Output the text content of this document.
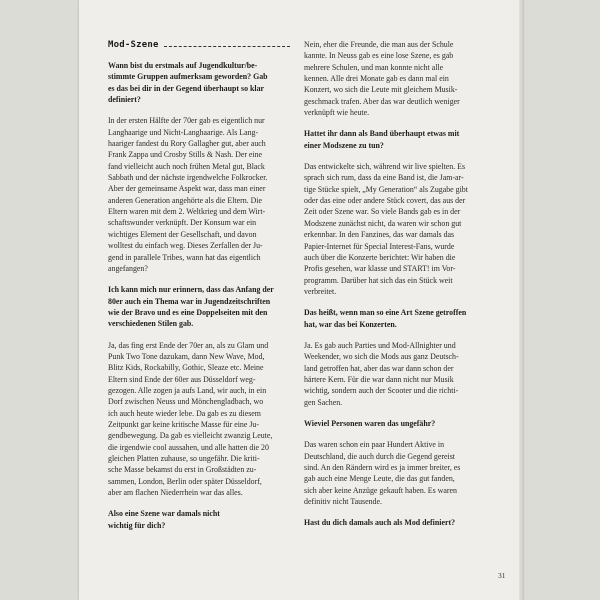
Mod-Szene

Wann bist du erstmals auf Jugendkultur/be-
stimmte Gruppen aufmerksam geworden? Gab
es das bei dir in der Gegend überhaupt so klar
definiert?

In der ersten Hälfte der 70er gab es eigentlich nur
Langhaarige und Nicht-Langhaarige. Als Lang-
haariger fandest du Rory Gallagher gut, aber auch
Frank Zappa und Crosby Stills & Nash. Der eine
fand vielleicht auch noch frühen Metal gut, Black
Sabbath und der nächste irgendwelche Folkrocker.
Aber der gemeinsame Aspekt war, dass man einer
anderen Generation angehörte als die Eltern. Die
Eltern waren mit dem 2. Weltkrieg und dem Wirt-
schaftswunder verknüpft. Der Konsum war ein
wichtiges Element der Gesellschaft, und davon
wolltest du einfach weg. Dieses Zerfallen der Ju-
gend in parallele Tribes, wann hat das eigentlich
angefangen?

Ich kann mich nur erinnern, dass das Anfang der
80er auch ein Thema war in Jugendzeitschriften
wie der Bravo und es eine Doppelseiten mit den
verschiedenen Stilen gab.

Ja, das fing erst Ende der 70er an, als zu Glam und
Punk Two Tone dazukam, dann New Wave, Mod,
Blitz Kids, Rockabilly, Gothic, Sleaze etc. Meine
Eltern sind Ende der 60er aus Düsseldorf weg-
gezogen. Alle zogen ja aufs Land, wir auch, in ein
Dorf zwischen Neuss und Mönchengladbach, wo
ich auch heute wieder lebe. Da gab es zu diesem
Zeitpunkt gar keine kritische Masse für eine Ju-
gendbewegung. Da gab es vielleicht zwanzig Leute,
die irgendwie cool aussahen, und alle hatten die 20
gleichen Platten zuhause, so ungefähr. Die kriti-
sche Masse bekamst du erst in Großstädten zu-
sammen, London, Berlin oder später Düsseldorf,
aber am flachen Niederrhein war das alles.

Also eine Szene war damals nicht
wichtig für dich?

Nein, eher die Freunde, die man aus der Schule
kannte. In Neuss gab es eine lose Szene, es gab
mehrere Schulen, und man konnte nicht alle
kennen. Alle drei Monate gab es dann mal ein
Konzert, wo sich die Leute mit gleichem Musik-
geschmack trafen. Aber das war deutlich weniger
verknüpft wie heute.

Hattet ihr dann als Band überhaupt etwas mit
einer Modszene zu tun?

Das entwickelte sich, während wir live spielten. Es
sprach sich rum, dass da eine Band ist, die Jam-ar-
tige Stücke spielt, „My Generation“ als Zugabe gibt
oder das eine oder andere Stück covert, das aus der
Zeit oder Szene war. So viele Bands gab es in der
Modszene zunächst nicht, da waren wir schon gut
erkennbar. In den Fanzines, das war damals das
Papier-Internet für Special Interest-Fans, wurde
auch über die Konzerte berichtet: Wir haben die
Profis gesehen, war klasse und START! im Vor-
programm. Darüber hat sich das ein Stück weit
verbreitet.

Das heißt, wenn man so eine Art Szene getroffen
hat, war das bei Konzerten.

Ja. Es gab auch Parties und Mod-Allnighter und
Weekender, wo sich die Mods aus ganz Deutsch-
land getroffen hat, aber das war dann schon der
härtere Kern. Für die war dann nicht nur Musik
wichtig, sondern auch der Scooter und die richti-
gen Sachen.

Wieviel Personen waren das ungefähr?

Das waren schon ein paar Hundert Aktive in
Deutschland, die auch durch die Gegend gereist
sind. An den Rändern wird es ja immer breiter, es
gab auch eine Menge Leute, die das gut fanden,
sich aber keine Anzüge gekauft haben. Es waren
definitiv nicht Tausende.

Hast du dich damals auch als Mod definiert?

31
